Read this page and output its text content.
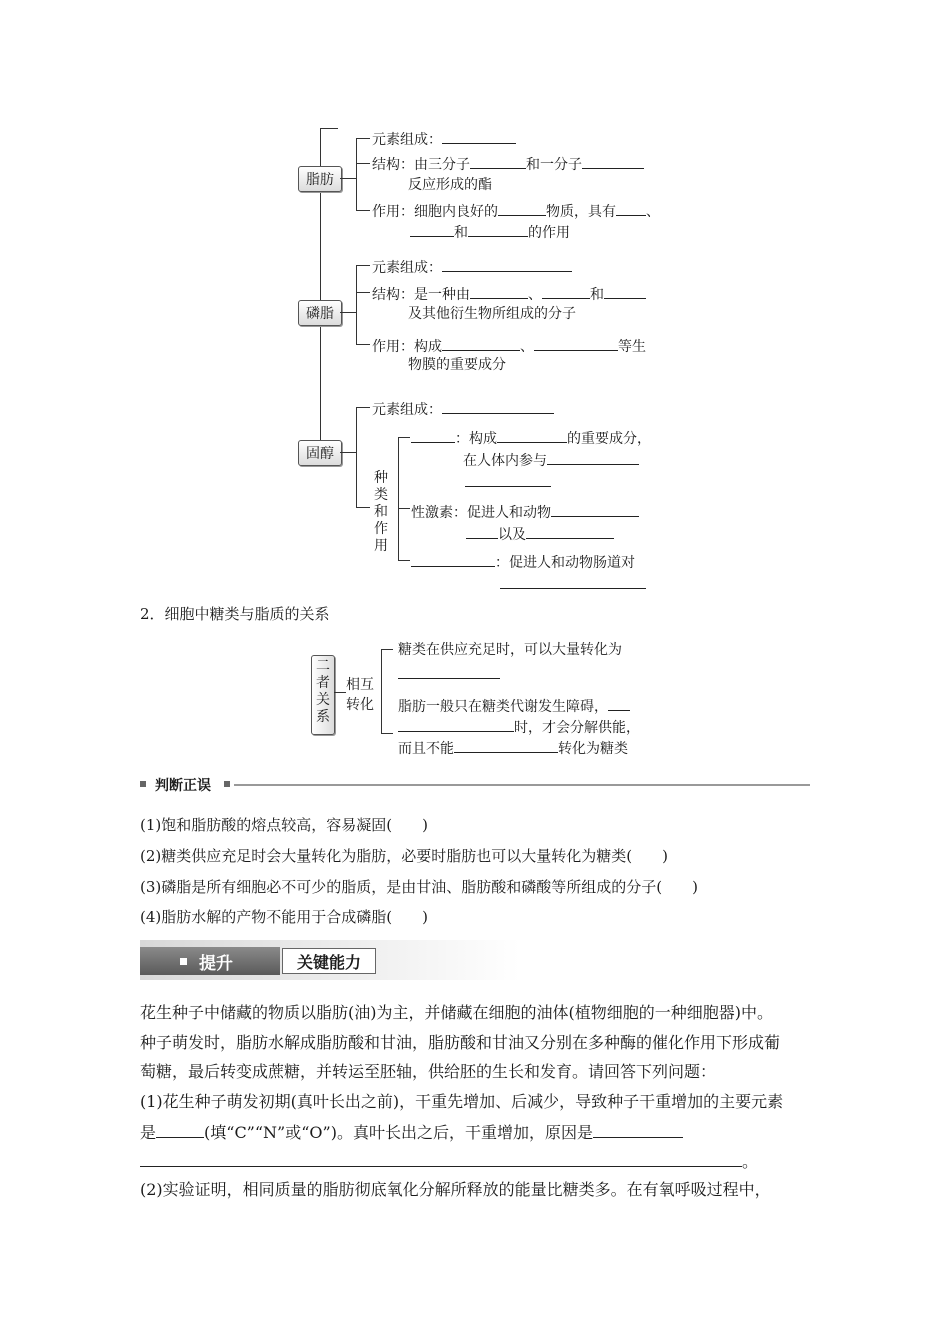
脂肪
元素组成：
结构：由三分子	和一分子
反应形成的酯
作用：细胞内良好的	物质，具有 、
和	的作用
磷脂
元素组成：
结构：是一种由	、	和
及其他衍生物所组成的分子
作用：构成	、	等生
物膜的重要成分
固醇
元素组成：
种类和作用
：构成	的重要成分，
在人体内参与
性激素：促进人和动物
以及
：促进人和动物肠道对
2．细胞中糖类与脂质的关系
二者关系
相互
转化
糖类在供应充足时，可以大量转化为
脂肪一般只在糖类代谢发生障碍，
时，才会分解供能，
而且不能	转化为糖类
判断正误
(1)饱和脂肪酸的熔点较高，容易凝固(　　)
(2)糖类供应充足时会大量转化为脂肪，必要时脂肪也可以大量转化为糖类(　　)
(3)磷脂是所有细胞必不可少的脂质，是由甘油、脂肪酸和磷酸等所组成的分子(　　)
(4)脂肪水解的产物不能用于合成磷脂(　　)
提升	关键能力
花生种子中储藏的物质以脂肪(油)为主，并储藏在细胞的油体(植物细胞的一种细胞器)中。
种子萌发时，脂肪水解成脂肪酸和甘油，脂肪酸和甘油又分别在多种酶的催化作用下形成葡
萄糖，最后转变成蔗糖，并转运至胚轴，供给胚的生长和发育。请回答下列问题：
(1)花生种子萌发初期(真叶长出之前)，干重先增加、后减少，导致种子干重增加的主要元素
是	(填“C”“N”或“O”)。真叶长出之后，干重增加，原因是
。
(2)实验证明，相同质量的脂肪彻底氧化分解所释放的能量比糖类多。在有氧呼吸过程中，
